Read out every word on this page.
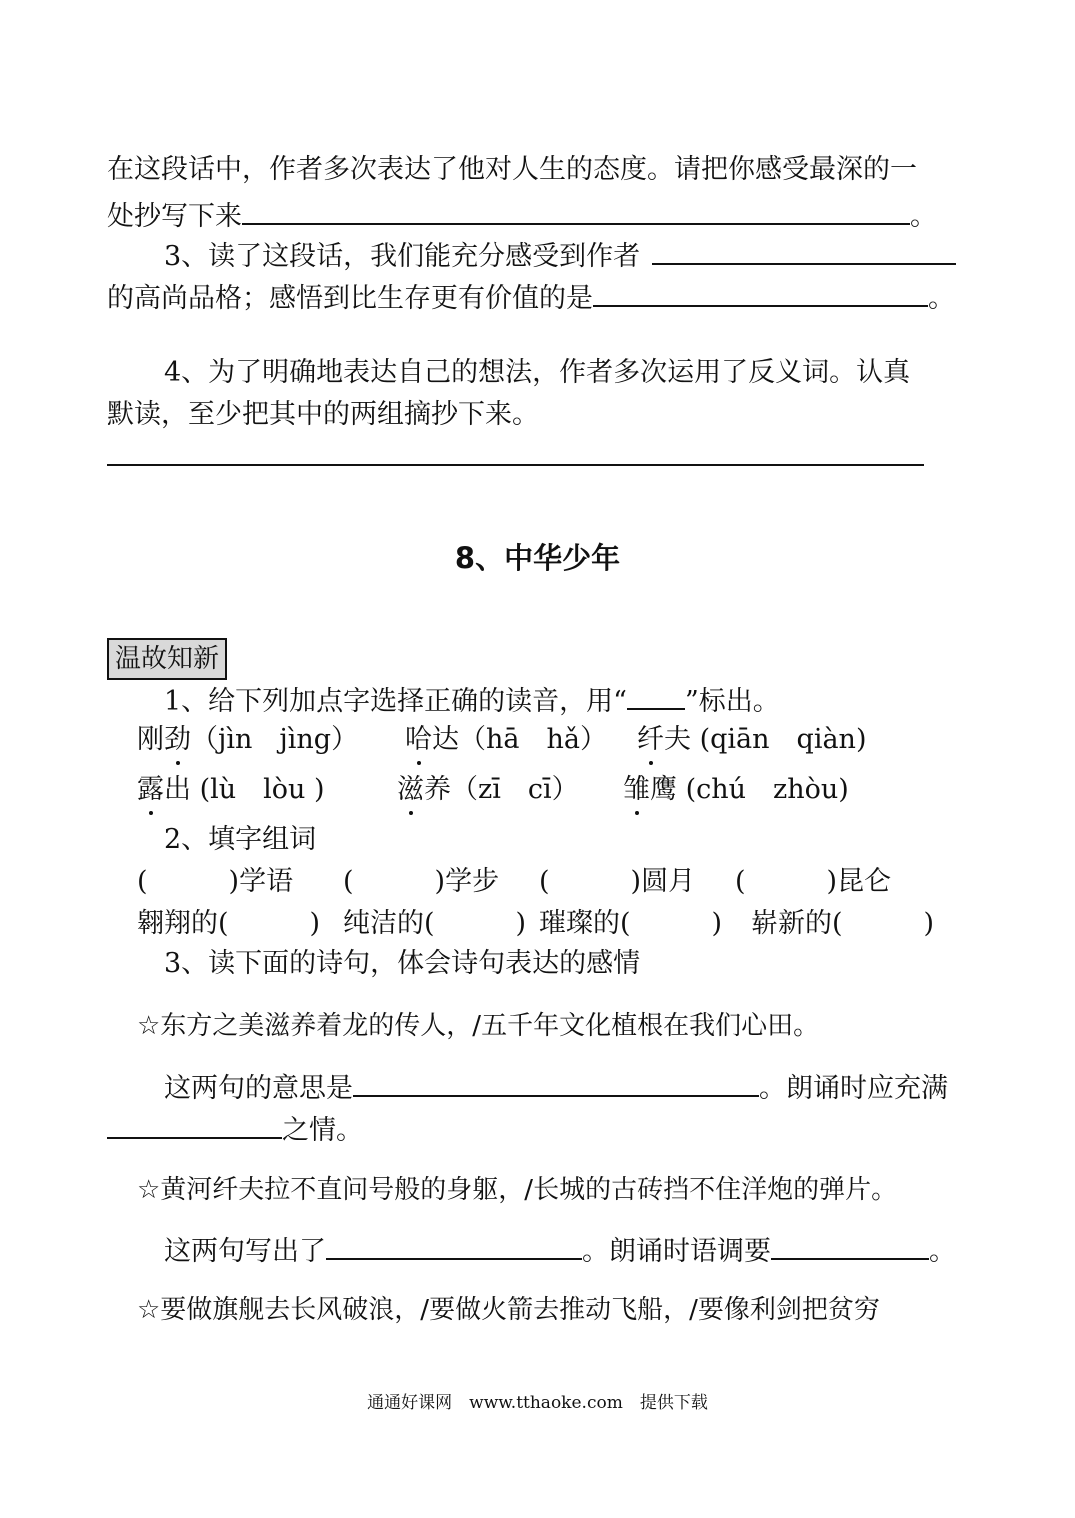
在这段话中，作者多次表达了他对人生的态度。请把你感受最深的一
处抄写下来	。
3、读了这段话，我们能充分感受到作者
的高尚品格；感悟到比生存更有价值的是	。
4、为了明确地表达自己的想法，作者多次运用了反义词。认真
默读，至少把其中的两组摘抄下来。
8、中华少年
温故知新
1、给下列加点字选择正确的读音，用“ ”标出。
刚劲（jìn　jìng） 哈达（hā　hǎ） 纤夫 (qiān　qiàn)
露出 (lù　lòu )	滋养（zī　cī） 雏鹰 (chú　zhòu)
2、填字组词
(　　　)学语 (　　　)学步 (　　　)圆月 (　　　)昆仑
翱翔的(　　　) 纯洁的(　　　) 璀璨的(　　　) 崭新的(　　　)
3、读下面的诗句，体会诗句表达的感情
☆东方之美滋养着龙的传人，/五千年文化植根在我们心田。
这两句的意思是	。朗诵时应充满
之情。
☆黄河纤夫拉不直问号般的身躯，/长城的古砖挡不住洋炮的弹片。
这两句写出了	。朗诵时语调要	。
☆要做旗舰去长风破浪，/要做火箭去推动飞船，/要像利剑把贫穷
通通好课网　www.tthaoke.com　提供下载
